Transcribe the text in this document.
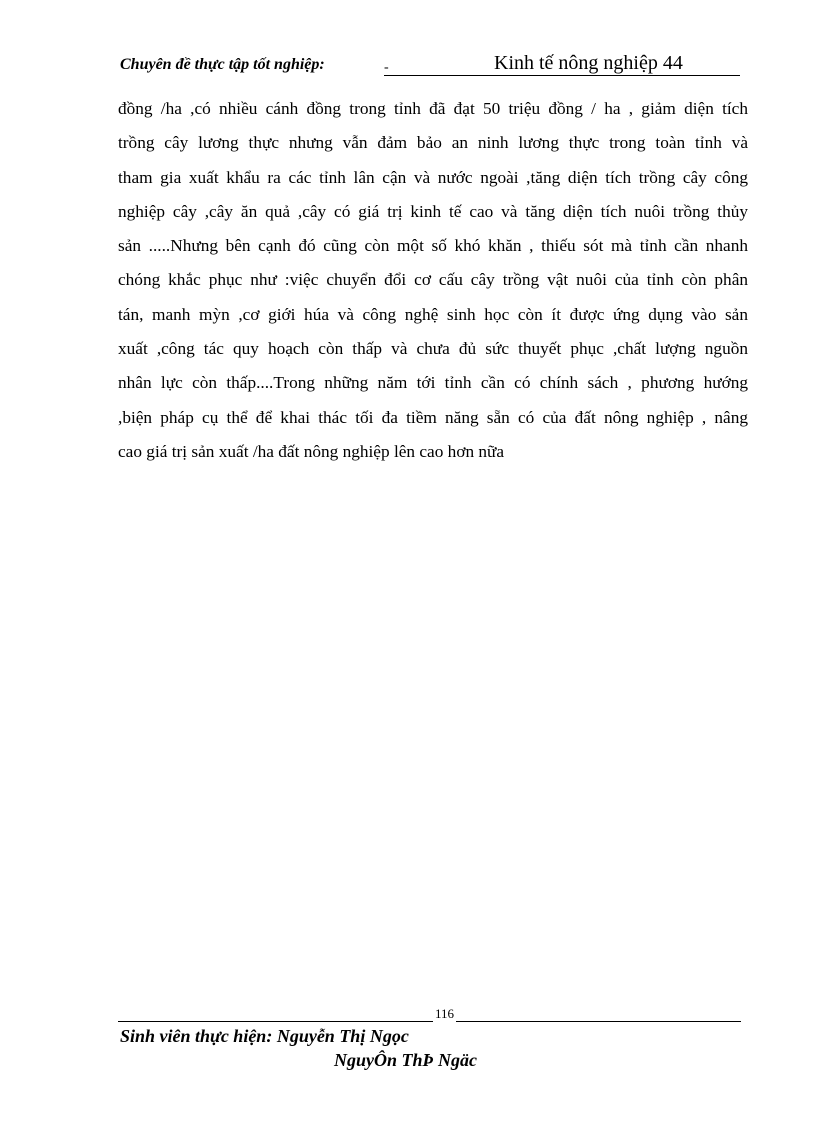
Chuyên đề thực tập tốt nghiệp:	-	Kinh tế nông nghiệp 44
đồng /ha ,có nhiều cánh đồng trong tỉnh đã đạt 50 triệu đồng / ha , giảm diện tích
trồng cây lương thực nhưng vẫn đảm bảo an ninh lương thực trong toàn tỉnh và
tham gia xuất khẩu ra các tỉnh lân cận và nước ngoài ,tăng diện tích trồng cây công
nghiệp cây ,cây ăn quả ,cây có giá trị kinh tế cao và tăng diện tích nuôi trồng thủy
sản .....Nhưng bên cạnh đó cũng còn một số khó khăn , thiếu sót mà tỉnh cần nhanh
chóng khắc phục như :việc chuyển đổi cơ cấu cây trồng vật nuôi của tỉnh còn phân
tán, manh mỳn ,cơ giới húa và công nghệ sinh học còn ít được ứng dụng vào sản
xuất ,công tác quy hoạch còn thấp và chưa đủ sức thuyết phục ,chất lượng nguồn
nhân lực còn thấp....Trong những năm tới tỉnh cần có chính sách , phương hướng
,biện pháp cụ thể để khai thác tối đa tiềm năng sẵn có của đất nông nghiệp , nâng
cao giá trị sản xuất /ha đất nông nghiệp lên cao hơn nữa
116
Sinh viên thực hiện: Nguyễn Thị Ngọc
NguyÔn ThÞ Ngäc
